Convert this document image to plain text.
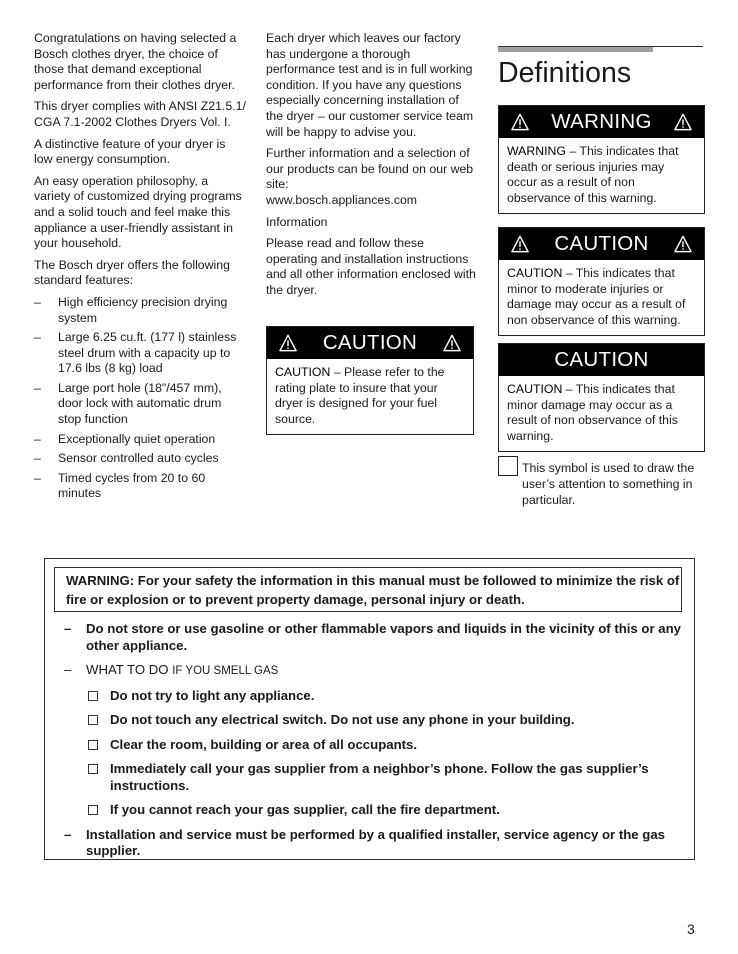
Congratulations on having selected a Bosch clothes dryer, the choice of those that demand exceptional performance from their clothes dryer.

This dryer complies with ANSI Z21.5.1/ CGA 7.1-2002 Clothes Dryers Vol. I.

A distinctive feature of your dryer is low energy consumption.

An easy operation philosophy, a variety of customized drying programs and a solid touch and feel make this appliance a user-friendly assistant in your household.

The Bosch dryer offers the following standard features:

– High efficiency precision drying system
– Large 6.25 cu.ft. (177 l) stainless steel drum with a capacity up to 17.6 lbs (8 kg) load
– Large port hole (18"/457 mm), door lock with automatic drum stop function
– Exceptionally quiet operation
– Sensor controlled auto cycles
– Timed cycles from 20 to 60 minutes

Each dryer which leaves our factory has undergone a thorough performance test and is in full working condition. If you have any questions especially concerning installation of the dryer – our customer service team will be happy to advise you.

Further information and a selection of our products can be found on our web site:
www.bosch.appliances.com

Information

Please read and follow these operating and installation instructions and all other information enclosed with the dryer.

CAUTION
CAUTION – Please refer to the rating plate to insure that your dryer is designed for your fuel source.
Definitions
WARNING
WARNING – This indicates that death or serious injuries may occur as a result of non observance of this warning.
CAUTION
CAUTION – This indicates that minor to moderate injuries or damage may occur as a result of non observance of this warning.
CAUTION
CAUTION – This indicates that minor damage may occur as a result of non observance of this warning.
This symbol is used to draw the user’s attention to something in particular.
WARNING: For your safety the information in this manual must be followed to minimize the risk of fire or explosion or to prevent property damage, personal injury or death.
– Do not store or use gasoline or other flammable vapors and liquids in the vicinity of this or any other appliance.
– WHAT TO DO IF YOU SMELL GAS
Do not try to light any appliance.
Do not touch any electrical switch. Do not use any phone in your building.
Clear the room, building or area of all occupants.
Immediately call your gas supplier from a neighbor’s phone. Follow the gas supplier’s instructions.
If you cannot reach your gas supplier, call the fire department.
– Installation and service must be performed by a qualified installer, service agency or the gas supplier.
3
